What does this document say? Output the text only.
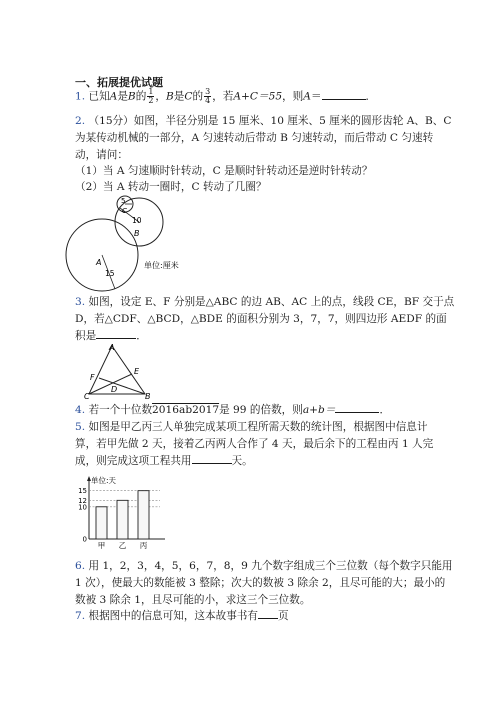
一、拓展提优试题
1. 已知A是B的 $\frac{1}{2}$ ，B是C的 $\frac{3}{4}$ ，若A+C＝55，则A＝	．
2. （15分）如图，半径分别是 15 厘米、10 厘米、5 厘米的圆形齿轮 A、B、C
为某传动机械的一部分，A 匀速转动后带动 B 匀速转动，而后带动 C 匀速转
动，请问：
（1）当 A 匀速顺时针转动，C 是顺时针转动还是逆时针转动？
（2）当 A 转动一圈时，C 转动了几圈？
5
C
10
B
A
15
单位:厘米
3. 如图，设定 E、F 分别是△ABC 的边 AB、AC 上的点，线段 CE，BF 交于点
D，若△CDF、△BCD，△BDE 的面积分别为 3，7，7，则四边形 AEDF 的面
积是	．
A
E
F
D
C	B
4. 若一个十位数2016ab2017是 99 的倍数，则a+b＝	．
5. 如图是甲乙丙三人单独完成某项工程所需天数的统计图，根据图中信息计
算，若甲先做 2 天，接着乙丙两人合作了 4 天，最后余下的工程由丙 1 人完
成，则完成这项工程共用	天。
单位:天
0
10
12
15
甲 乙 丙
6. 用 1，2，3，4，5，6，7，8，9 九个数字组成三个三位数（每个数字只能用
1 次），使最大的数能被 3 整除；次大的数被 3 除余 2，且尽可能的大；最小的
数被 3 除余 1，且尽可能的小，求这三个三位数。
7. 根据图中的信息可知，这本故事书有 页
